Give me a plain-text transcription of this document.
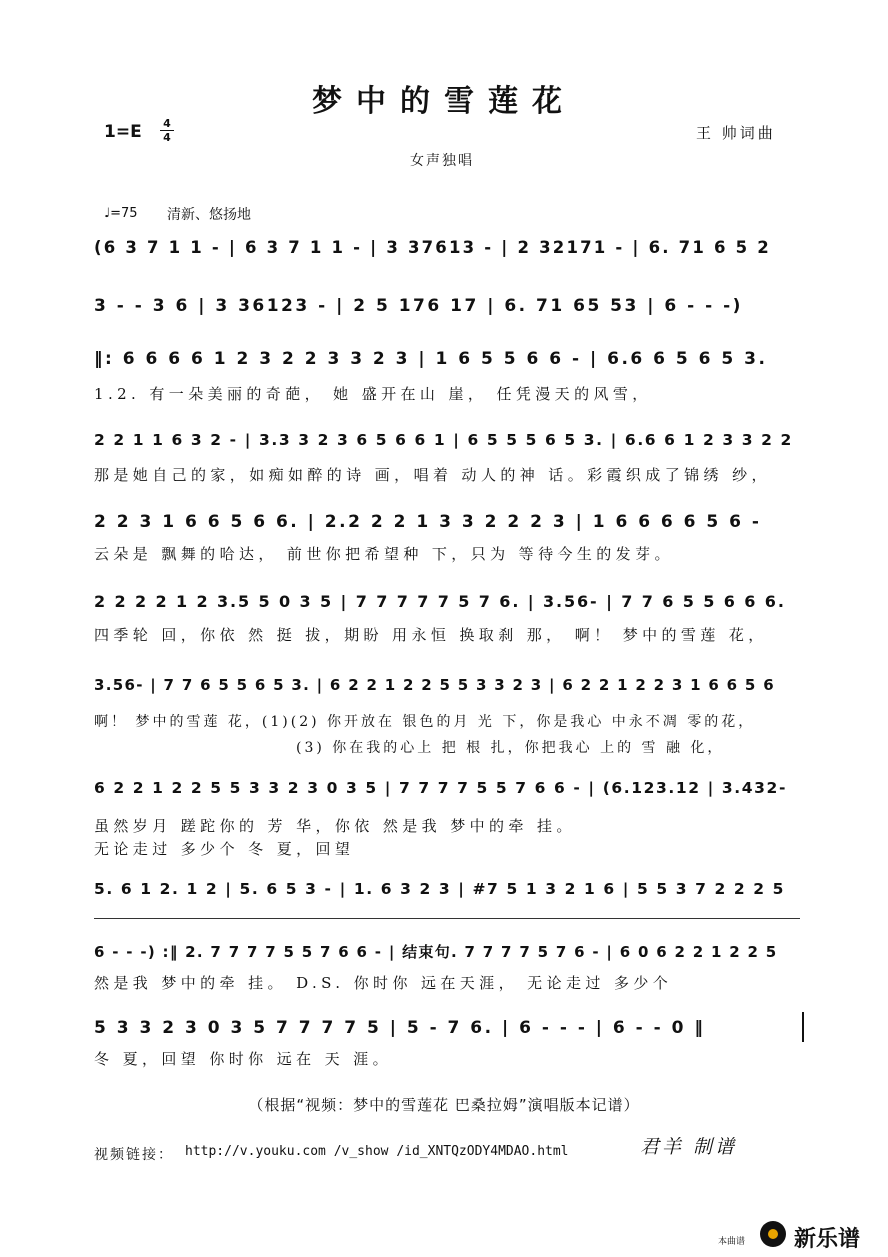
梦中的雪莲花
1=E 4
4	王 帅词曲
女声独唱
♩=75 清新、悠扬地
(6 3 7 1 1 - | 6 3 7 1 1 - | 3 37613 - | 2 32171 - | 6. 71 6 5 2
3 - - 3 6 | 3 36123 - | 2 5 176 17 | 6. 71 65 53 | 6 - - -)
‖: 6 6 6 6 1 2 3 2 2 3 3 2 3 | 1 6 5 5 6 6 - | 6.6 6 5 6 5 3.
1.2. 有一朵美丽的奇葩， 她 盛开在山 崖， 任凭漫天的风雪，
2 2 1 1 6 3 2 - | 3.3 3 2 3 6 5 6 6 1 | 6 5 5 5 6 5 3. | 6.6 6 1 2 3 3 2 2
那是她自己的家，如痴如醉的诗 画，唱着 动人的神 话。彩霞织成了锦绣 纱，
2 2 3 1 6 6 5 6 6. | 2.2 2 2 1 3 3 2 2 2 3 | 1 6 6 6 6 5 6 -
云朵是 飘舞的哈达， 前世你把希望种 下，只为 等待今生的发芽。
2 2 2 2 1 2 3.5 5 0 3 5 | 7 7 7 7 7 5 7 6. | 3.56- | 7 7 6 5 5 6 6 6.
四季轮 回，你依 然 挺 拔，期盼 用永恒 换取刹 那， 啊！ 梦中的雪莲 花，
3.56- | 7 7 6 5 5 6 5 3. | 6 2 2 1 2 2 5 5 3 3 2 3 | 6 2 2 1 2 2 3 1 6 6 5 6
啊！ 梦中的雪莲 花，(1)(2) 你开放在 银色的月 光 下，你是我心 中永不凋 零的花，
(3) 你在我的心上 把 根 扎，你把我心 上的 雪 融 化，
6 2 2 1 2 2 5 5 3 3 2 3 0 3 5 | 7 7 7 7 5 5 7 6 6 - | (6.123.12 | 3.432-
虽然岁月 蹉跎你的 芳 华，你依 然是我 梦中的牵 挂。
无论走过 多少个 冬 夏，回望
5. 6 1 2. 1 2 | 5. 6 5 3 - | 1. 6 3 2 3 | #7 5 1 3 2 1 6 | 5 5 3 7 2 2 2 5
6 - - -) :‖ 2. 7 7 7 7 5 5 7 6 6 - | 结束句. 7 7 7 7 5 7 6 - | 6 0 6 2 2 1 2 2 5
然是我 梦中的牵 挂。 D.S. 你时你 远在天涯， 无论走过 多少个
5 3 3 2 3 0 3 5 7 7 7 7 5 | 5 - 7 6. | 6 - - - | 6 - - 0 ‖
冬 夏，回望 你时你 远在 天 涯。
（根据“视频：梦中的雪莲花 巴桑拉姆”演唱版本记谱）
视频链接： http://v.youku.com /v_show /id_XNTQzODY4MDAO.html	君羊 制谱
本曲谱 新乐谱
